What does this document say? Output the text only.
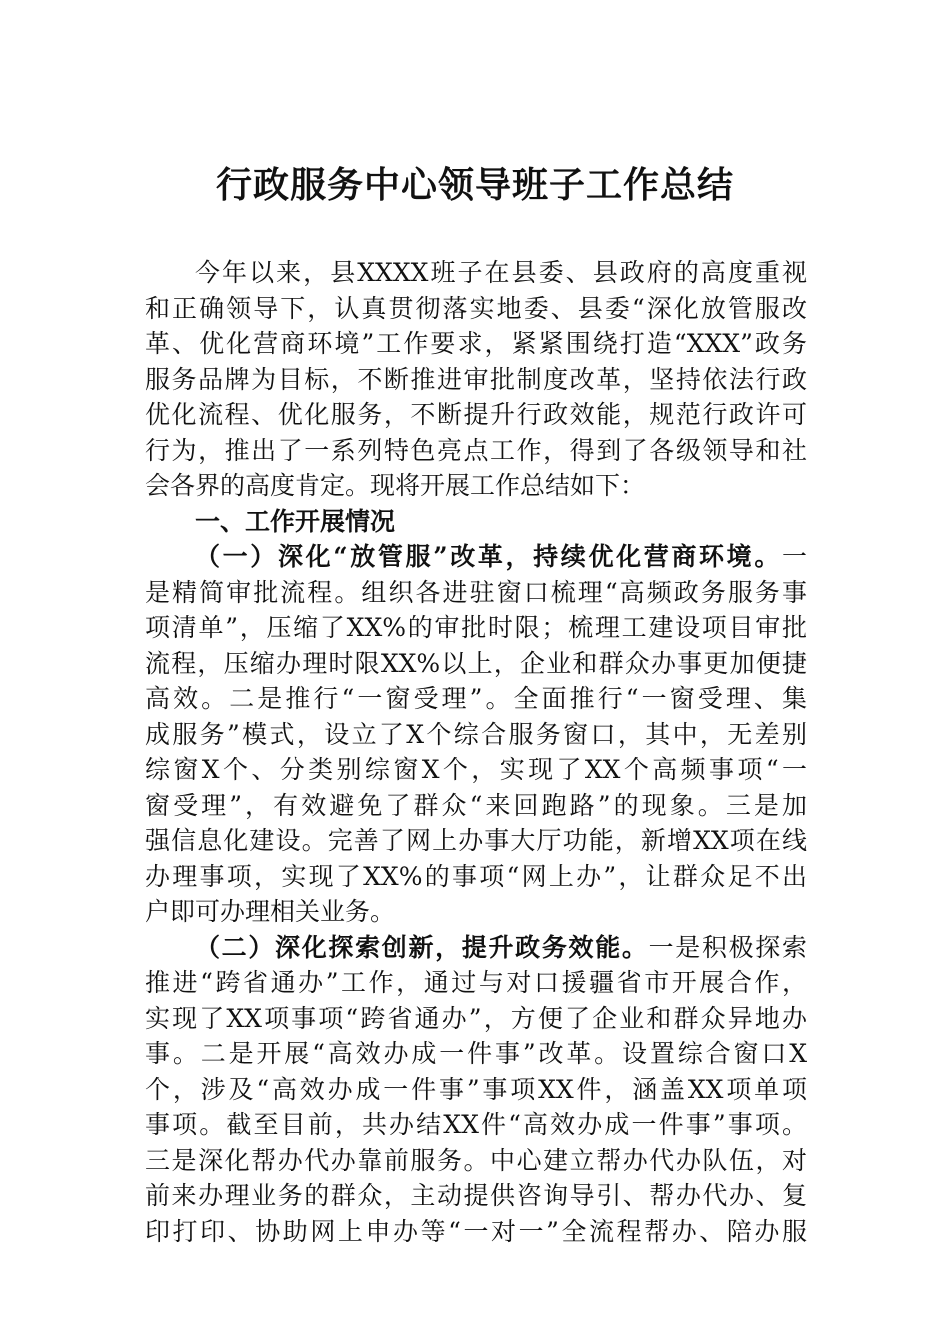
行政服务中心领导班子工作总结
今年以来，县XXXX班子在县委、县政府的高度重视
和正确领导下，认真贯彻落实地委、县委“深化放管服改
革、优化营商环境”工作要求，紧紧围绕打造“XXX”政务
服务品牌为目标，不断推进审批制度改革，坚持依法行政
优化流程、优化服务，不断提升行政效能，规范行政许可
行为，推出了一系列特色亮点工作，得到了各级领导和社
会各界的高度肯定。现将开展工作总结如下：
一、工作开展情况
（一）深化“放管服”改革，持续优化营商环境。一
是精简审批流程。组织各进驻窗口梳理“高频政务服务事
项清单”，压缩了XX%的审批时限；梳理工建设项目审批
流程，压缩办理时限XX%以上，企业和群众办事更加便捷
高效。二是推行“一窗受理”。全面推行“一窗受理、集
成服务”模式，设立了X个综合服务窗口，其中，无差别
综窗X个、分类别综窗X个，实现了XX个高频事项“一
窗受理”，有效避免了群众“来回跑路”的现象。三是加
强信息化建设。完善了网上办事大厅功能，新增XX项在线
办理事项，实现了XX%的事项“网上办”，让群众足不出
户即可办理相关业务。
（二）深化探索创新，提升政务效能。一是积极探索
推进“跨省通办”工作，通过与对口援疆省市开展合作，
实现了XX项事项“跨省通办”，方便了企业和群众异地办
事。二是开展“高效办成一件事”改革。设置综合窗口X
个，涉及“高效办成一件事”事项XX件，涵盖XX项单项
事项。截至目前，共办结XX件“高效办成一件事”事项。
三是深化帮办代办靠前服务。中心建立帮办代办队伍，对
前来办理业务的群众，主动提供咨询导引、帮办代办、复
印打印、协助网上申办等“一对一”全流程帮办、陪办服
